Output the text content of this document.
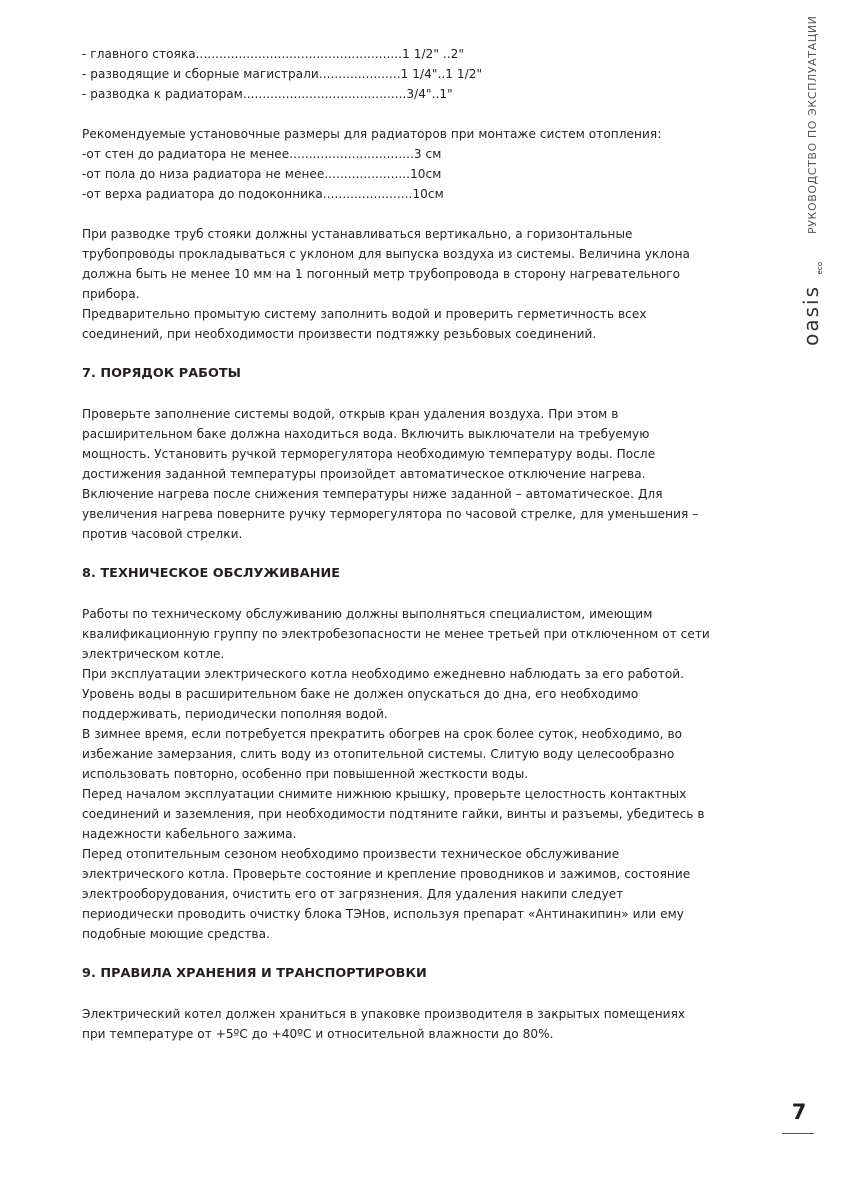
- главного стояка.....................................................1 1/2" ..2"
- разводящие и сборные магистрали.....................1 1/4"..1 1/2"
- разводка к радиаторам..........................................3/4"..1"
Рекомендуемые установочные размеры для радиаторов при монтаже систем отопления:
-от стен до радиатора не менее................................3 см
-от пола до низа радиатора не менее......................10см
-от верха радиатора до подоконника.......................10см
При разводке труб стояки должны устанавливаться вертикально, а горизонтальные
трубопроводы прокладываться с уклоном для выпуска воздуха из системы. Величина уклона
должна быть не менее 10 мм на 1 погонный метр трубопровода в сторону нагревательного
прибора.
Предварительно промытую систему заполнить водой и проверить герметичность всех
соединений, при необходимости произвести подтяжку резьбовых соединений.
7. ПОРЯДОК РАБОТЫ
Проверьте заполнение системы водой, открыв кран удаления воздуха. При этом в
расширительном баке должна находиться вода. Включить выключатели на требуемую
мощность. Установить ручкой терморегулятора необходимую температуру воды. После
достижения заданной температуры произойдет автоматическое отключение нагрева.
Включение нагрева после снижения температуры ниже заданной – автоматическое. Для
увеличения нагрева поверните ручку терморегулятора по часовой стрелке, для уменьшения –
против часовой стрелки.
8. ТЕХНИЧЕСКОЕ ОБСЛУЖИВАНИЕ
Работы по техническому обслуживанию должны выполняться специалистом, имеющим
квалификационную группу по электробезопасности не менее третьей при отключенном от сети
электрическом котле.
При эксплуатации электрического котла необходимо ежедневно наблюдать за его работой.
Уровень воды в расширительном баке не должен опускаться до дна, его необходимо
поддерживать, периодически пополняя водой.
В зимнее время, если потребуется прекратить обогрев на срок более суток, необходимо, во
избежание замерзания, слить воду из отопительной системы. Слитую воду целесообразно
использовать повторно, особенно при повышенной жесткости воды.
Перед началом эксплуатации снимите нижнюю крышку, проверьте целостность контактных
соединений и заземления, при необходимости подтяните гайки, винты и разъемы, убедитесь в
надежности кабельного зажима.
Перед отопительным сезоном необходимо произвести техническое обслуживание
электрического котла. Проверьте состояние и крепление проводников и зажимов, состояние
электрооборудования, очистить его от загрязнения. Для удаления накипи следует
периодически проводить очистку блока ТЭНов, используя препарат «Антинакипин» или ему
подобные моющие средства.
9. ПРАВИЛА ХРАНЕНИЯ И ТРАНСПОРТИРОВКИ
Электрический котел должен храниться в упаковке производителя в закрытых помещениях
при температуре от +5ºС до +40ºС и относительной влажности до 80%.
РУКОВОДСТВО ПО ЭКСПЛУАТАЦИИ
oasis
eco
7
